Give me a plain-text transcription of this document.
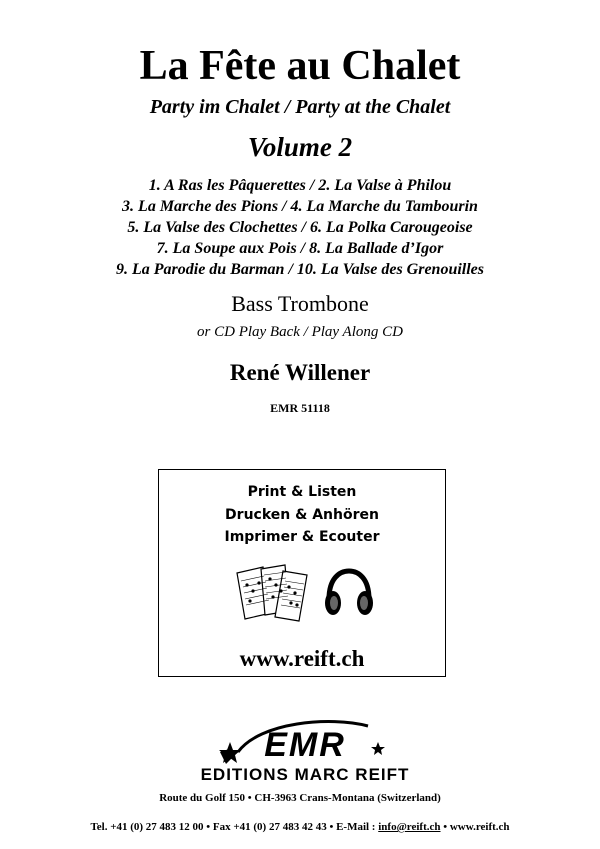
La Fête au Chalet
Party im Chalet / Party at the Chalet
Volume 2
1. A Ras les Pâquerettes / 2. La Valse à Philou
3. La Marche des Pions / 4. La Marche du Tambourin
5. La Valse des Clochettes / 6. La Polka Carougeoise
7. La Soupe aux Pois / 8. La Ballade d’Igor
9. La Parodie du Barman / 10. La Valse des Grenouilles
Bass Trombone
or CD Play Back / Play Along CD
René Willener
EMR 51118
Print & Listen
Drucken & Anhören
Imprimer & Ecouter
www.reift.ch
EMR
EDITIONS MARC REIFT
Route du Golf 150 • CH-3963 Crans-Montana (Switzerland)
Tel. +41 (0) 27 483 12 00 • Fax +41 (0) 27 483 42 43 • E-Mail : info@reift.ch • www.reift.ch
